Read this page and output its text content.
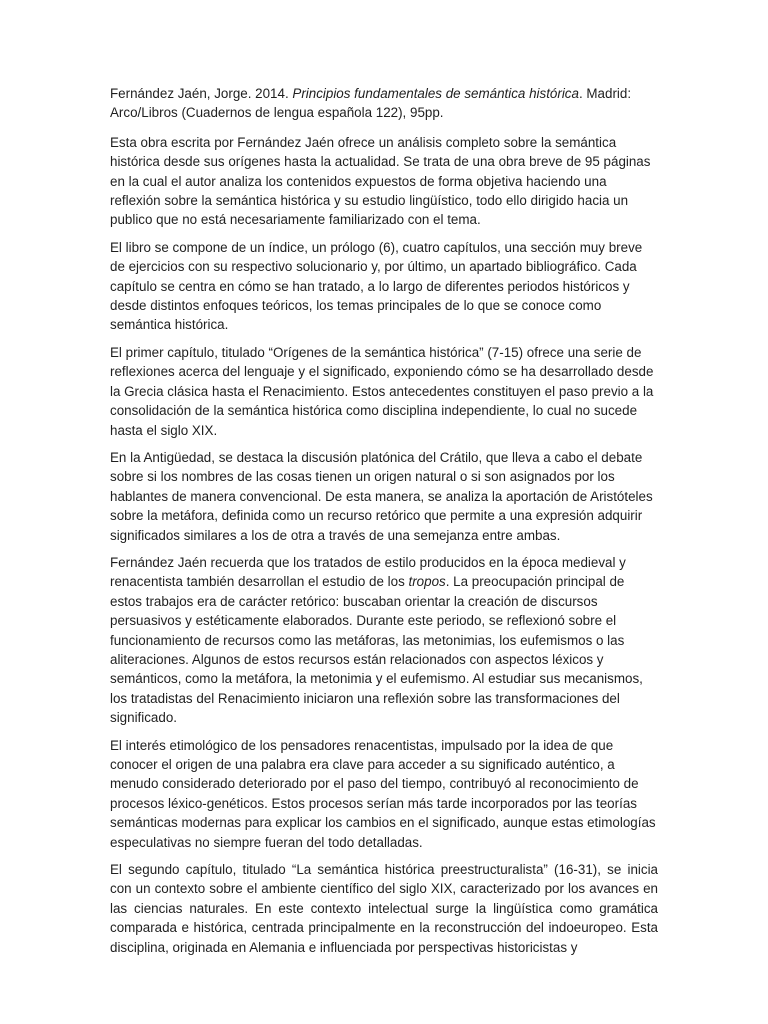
Fernández Jaén, Jorge. 2014. Principios fundamentales de semántica histórica. Madrid: Arco/Libros (Cuadernos de lengua española 122), 95pp.

Esta obra escrita por Fernández Jaén ofrece un análisis completo sobre la semántica histórica desde sus orígenes hasta la actualidad. Se trata de una obra breve de 95 páginas en la cual el autor analiza los contenidos expuestos de forma objetiva haciendo una reflexión sobre la semántica histórica y su estudio lingüístico, todo ello dirigido hacia un publico que no está necesariamente familiarizado con el tema.

El libro se compone de un índice, un prólogo (6), cuatro capítulos, una sección muy breve de ejercicios con su respectivo solucionario y, por último, un apartado bibliográfico. Cada capítulo se centra en cómo se han tratado, a lo largo de diferentes periodos históricos y desde distintos enfoques teóricos, los temas principales de lo que se conoce como semántica histórica.

El primer capítulo, titulado “Orígenes de la semántica histórica” (7-15) ofrece una serie de reflexiones acerca del lenguaje y el significado, exponiendo cómo se ha desarrollado desde la Grecia clásica hasta el Renacimiento. Estos antecedentes constituyen el paso previo a la consolidación de la semántica histórica como disciplina independiente, lo cual no sucede hasta el siglo XIX.

En la Antigüedad, se destaca la discusión platónica del Crátilo, que lleva a cabo el debate sobre si los nombres de las cosas tienen un origen natural o si son asignados por los hablantes de manera convencional. De esta manera, se analiza la aportación de Aristóteles sobre la metáfora, definida como un recurso retórico que permite a una expresión adquirir significados similares a los de otra a través de una semejanza entre ambas.

Fernández Jaén recuerda que los tratados de estilo producidos en la época medieval y renacentista también desarrollan el estudio de los tropos. La preocupación principal de estos trabajos era de carácter retórico: buscaban orientar la creación de discursos persuasivos y estéticamente elaborados. Durante este periodo, se reflexionó sobre el funcionamiento de recursos como las metáforas, las metonimias, los eufemismos o las aliteraciones. Algunos de estos recursos están relacionados con aspectos léxicos y semánticos, como la metáfora, la metonimia y el eufemismo. Al estudiar sus mecanismos, los tratadistas del Renacimiento iniciaron una reflexión sobre las transformaciones del significado.

El interés etimológico de los pensadores renacentistas, impulsado por la idea de que conocer el origen de una palabra era clave para acceder a su significado auténtico, a menudo considerado deteriorado por el paso del tiempo, contribuyó al reconocimiento de procesos léxico-genéticos. Estos procesos serían más tarde incorporados por las teorías semánticas modernas para explicar los cambios en el significado, aunque estas etimologías especulativas no siempre fueran del todo detalladas.

El segundo capítulo, titulado “La semántica histórica preestructuralista” (16-31), se inicia con un contexto sobre el ambiente científico del siglo XIX, caracterizado por los avances en las ciencias naturales. En este contexto intelectual surge la lingüística como gramática comparada e histórica, centrada principalmente en la reconstrucción del indoeuropeo. Esta disciplina, originada en Alemania e influenciada por perspectivas historicistas y
